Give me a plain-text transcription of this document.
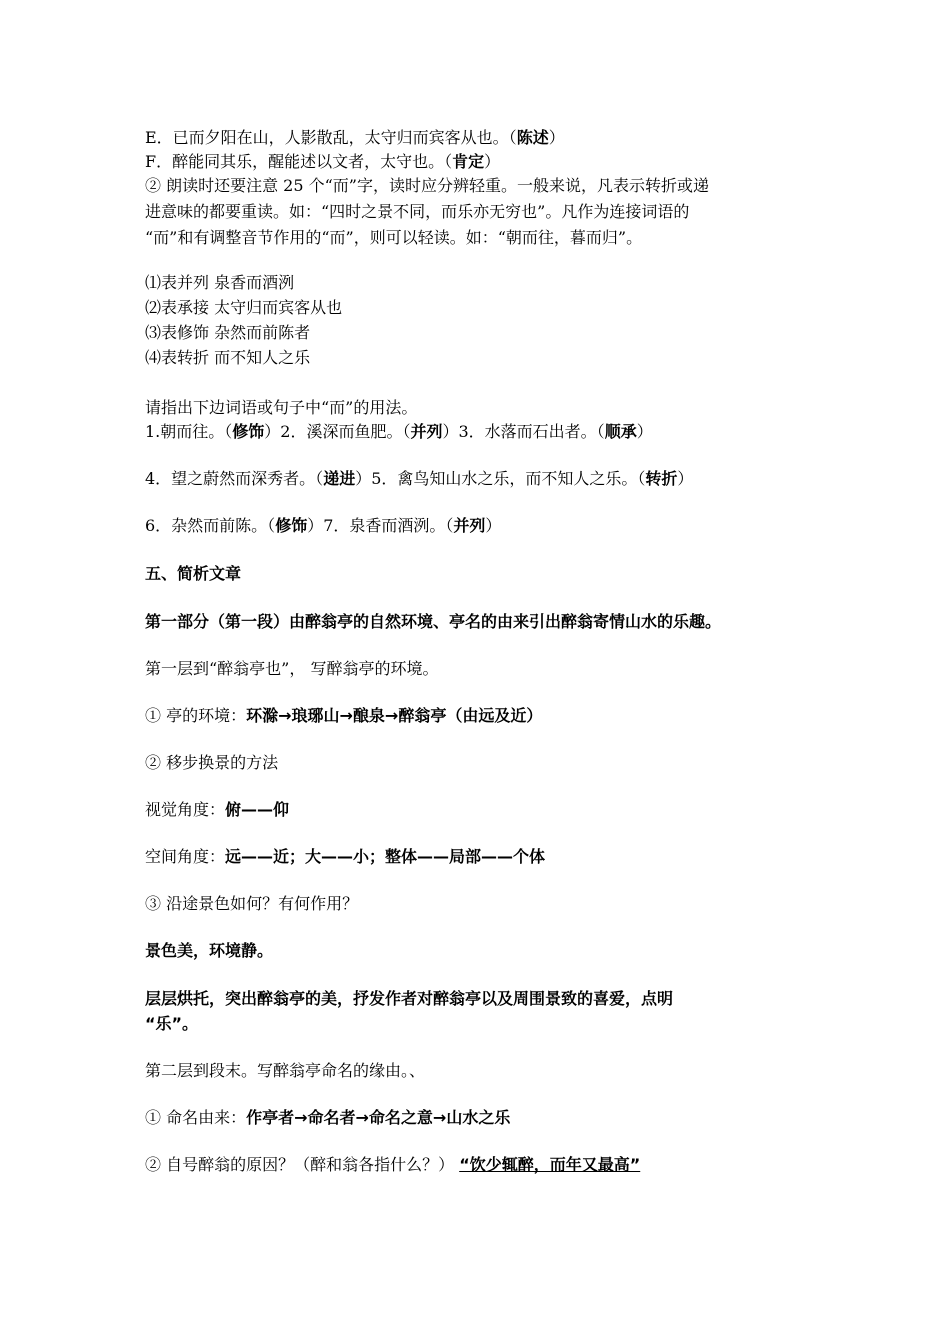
E．已而夕阳在山，人影散乱，太守归而宾客从也。（陈述）
F．醉能同其乐，醒能述以文者，太守也。（肯定）
② 朗读时还要注意 25 个“而”字，读时应分辨轻重。一般来说，凡表示转折或递
进意味的都要重读。如：“四时之景不同，而乐亦无穷也”。凡作为连接词语的
“而”和有调整音节作用的“而”，则可以轻读。如：“朝而往，暮而归”。
⑴表并列 泉香而酒洌
⑵表承接 太守归而宾客从也
⑶表修饰 杂然而前陈者
⑷表转折 而不知人之乐
请指出下边词语或句子中“而”的用法。
1.朝而往。（修饰）2．溪深而鱼肥。（并列）3．水落而石出者。（顺承）
4．望之蔚然而深秀者。（递进）5．禽鸟知山水之乐，而不知人之乐。（转折）
6．杂然而前陈。（修饰）7．泉香而酒洌。（并列）
五、简析文章
第一部分（第一段）由醉翁亭的自然环境、亭名的由来引出醉翁寄情山水的乐趣。
第一层到“醉翁亭也”， 写醉翁亭的环境。
① 亭的环境：环滁→琅琊山→酿泉→醉翁亭（由远及近）
② 移步换景的方法
视觉角度：俯——仰
空间角度：远——近；大——小；整体——局部——个体
③ 沿途景色如何？有何作用？
景色美，环境静。
层层烘托，突出醉翁亭的美，抒发作者对醉翁亭以及周围景致的喜爱，点明
“乐”。
第二层到段末。写醉翁亭命名的缘由。、
① 命名由来：作亭者→命名者→命名之意→山水之乐
② 自号醉翁的原因？（醉和翁各指什么？） “饮少辄醉，而年又最高”
